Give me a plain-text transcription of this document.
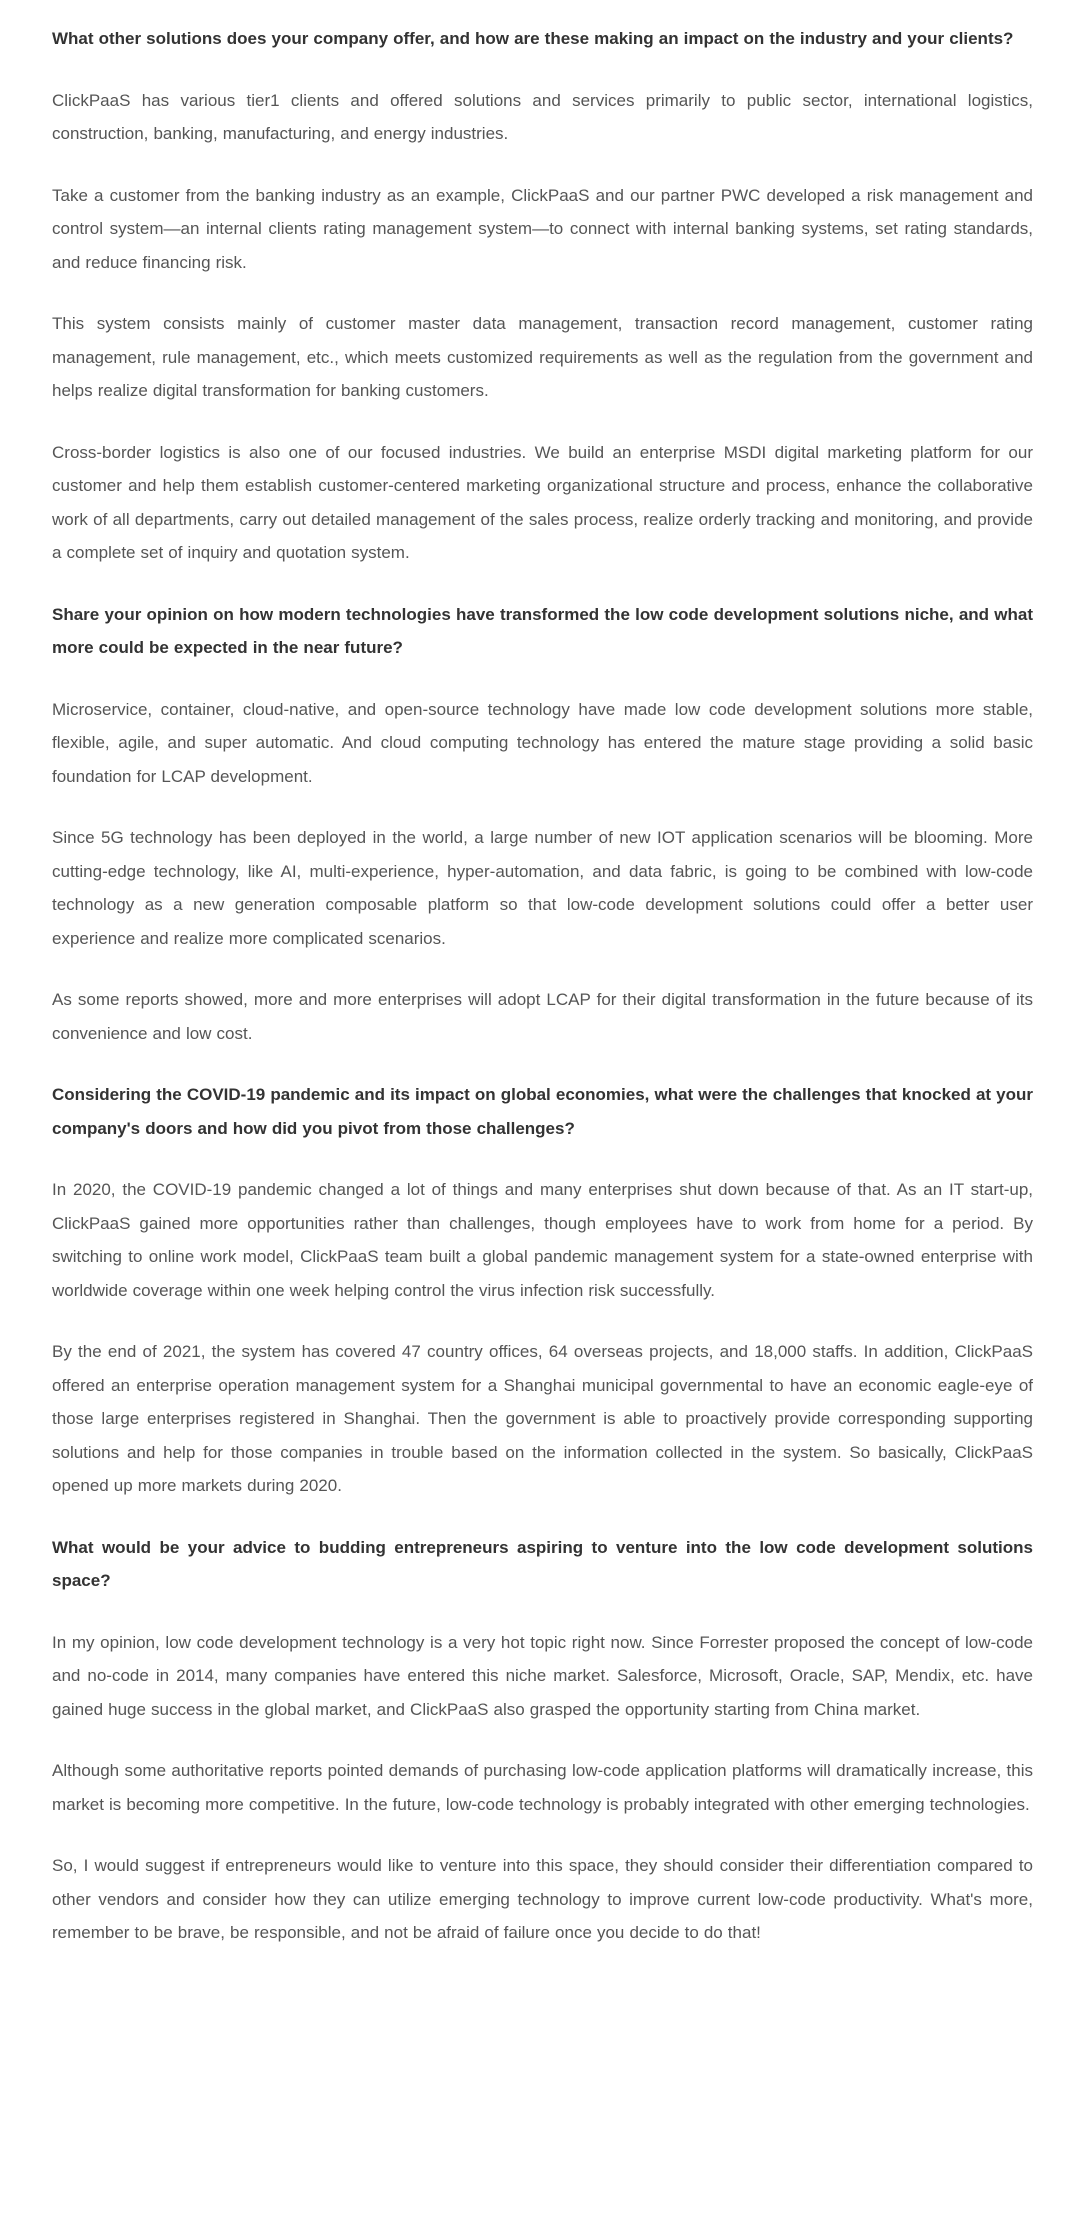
What other solutions does your company offer, and how are these making an impact on the industry and your clients?

ClickPaaS has various tier1 clients and offered solutions and services primarily to public sector, international logistics, construction, banking, manufacturing, and energy industries.

Take a customer from the banking industry as an example, ClickPaaS and our partner PWC developed a risk management and control system—an internal clients rating management system—to connect with internal banking systems, set rating standards, and reduce financing risk.

This system consists mainly of customer master data management, transaction record management, customer rating management, rule management, etc., which meets customized requirements as well as the regulation from the government and helps realize digital transformation for banking customers.

Cross-border logistics is also one of our focused industries. We build an enterprise MSDI digital marketing platform for our customer and help them establish customer-centered marketing organizational structure and process, enhance the collaborative work of all departments, carry out detailed management of the sales process, realize orderly tracking and monitoring, and provide a complete set of inquiry and quotation system.

Share your opinion on how modern technologies have transformed the low code development solutions niche, and what more could be expected in the near future?

Microservice, container, cloud-native, and open-source technology have made low code development solutions more stable, flexible, agile, and super automatic. And cloud computing technology has entered the mature stage providing a solid basic foundation for LCAP development.

Since 5G technology has been deployed in the world, a large number of new IOT application scenarios will be blooming. More cutting-edge technology, like AI, multi-experience, hyper-automation, and data fabric, is going to be combined with low-code technology as a new generation composable platform so that low-code development solutions could offer a better user experience and realize more complicated scenarios.

As some reports showed, more and more enterprises will adopt LCAP for their digital transformation in the future because of its convenience and low cost.

Considering the COVID-19 pandemic and its impact on global economies, what were the challenges that knocked at your company's doors and how did you pivot from those challenges?

In 2020, the COVID-19 pandemic changed a lot of things and many enterprises shut down because of that. As an IT start-up, ClickPaaS gained more opportunities rather than challenges, though employees have to work from home for a period. By switching to online work model, ClickPaaS team built a global pandemic management system for a state-owned enterprise with worldwide coverage within one week helping control the virus infection risk successfully.

By the end of 2021, the system has covered 47 country offices, 64 overseas projects, and 18,000 staffs. In addition, ClickPaaS offered an enterprise operation management system for a Shanghai municipal governmental to have an economic eagle-eye of those large enterprises registered in Shanghai. Then the government is able to proactively provide corresponding supporting solutions and help for those companies in trouble based on the information collected in the system. So basically, ClickPaaS opened up more markets during 2020.

What would be your advice to budding entrepreneurs aspiring to venture into the low code development solutions space?

In my opinion, low code development technology is a very hot topic right now. Since Forrester proposed the concept of low-code and no-code in 2014, many companies have entered this niche market. Salesforce, Microsoft, Oracle, SAP, Mendix, etc. have gained huge success in the global market, and ClickPaaS also grasped the opportunity starting from China market.

Although some authoritative reports pointed demands of purchasing low-code application platforms will dramatically increase, this market is becoming more competitive. In the future, low-code technology is probably integrated with other emerging technologies.

So, I would suggest if entrepreneurs would like to venture into this space, they should consider their differentiation compared to other vendors and consider how they can utilize emerging technology to improve current low-code productivity. What's more, remember to be brave, be responsible, and not be afraid of failure once you decide to do that!
